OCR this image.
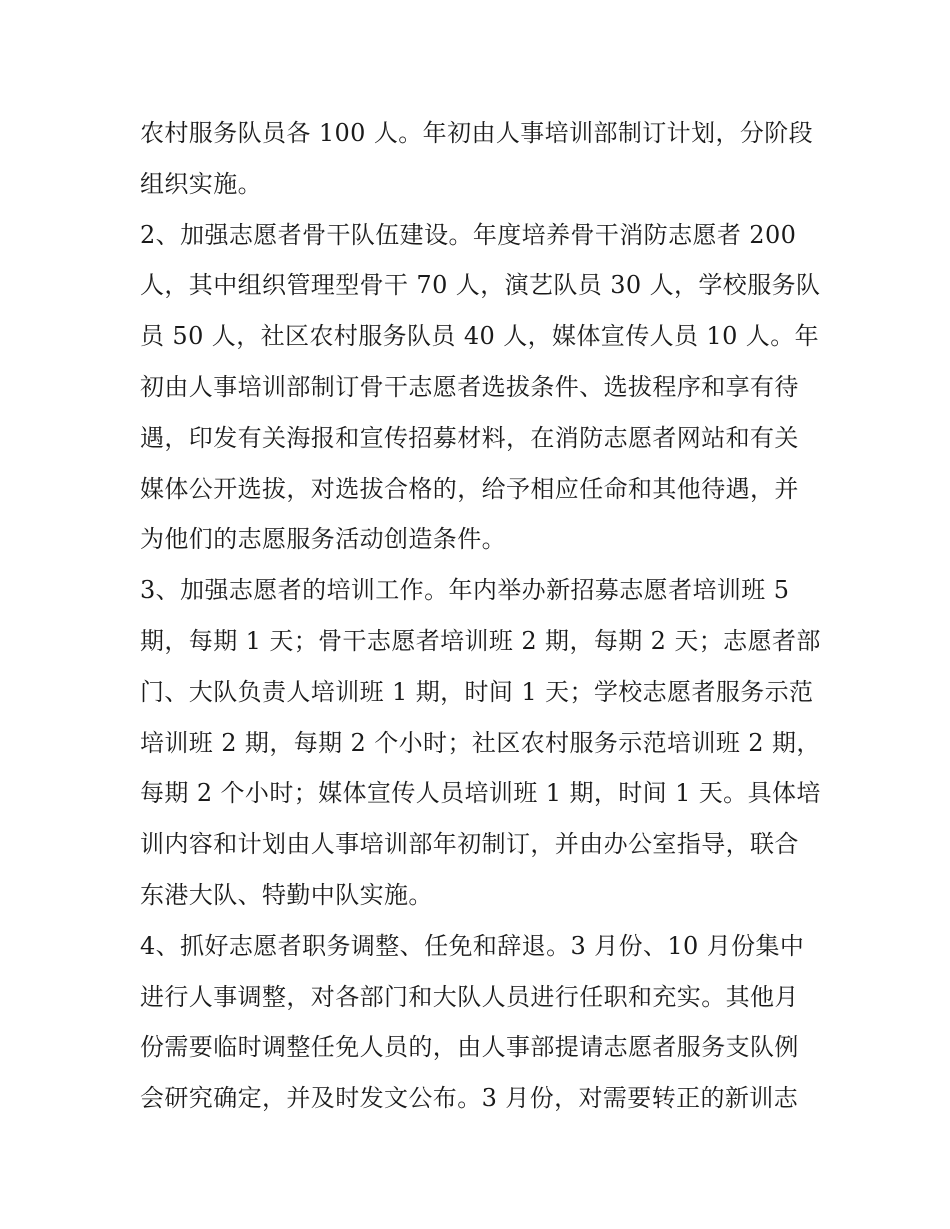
农村服务队员各 100 人。年初由人事培训部制订计划，分阶段
组织实施。
2、加强志愿者骨干队伍建设。年度培养骨干消防志愿者 200
人，其中组织管理型骨干 70 人，演艺队员 30 人，学校服务队
员 50 人，社区农村服务队员 40 人，媒体宣传人员 10 人。年
初由人事培训部制订骨干志愿者选拔条件、选拔程序和享有待
遇，印发有关海报和宣传招募材料，在消防志愿者网站和有关
媒体公开选拔，对选拔合格的，给予相应任命和其他待遇，并
为他们的志愿服务活动创造条件。
3、加强志愿者的培训工作。年内举办新招募志愿者培训班 5
期，每期 1 天；骨干志愿者培训班 2 期，每期 2 天；志愿者部
门、大队负责人培训班 1 期，时间 1 天；学校志愿者服务示范
培训班 2 期，每期 2 个小时；社区农村服务示范培训班 2 期，
每期 2 个小时；媒体宣传人员培训班 1 期，时间 1 天。具体培
训内容和计划由人事培训部年初制订，并由办公室指导，联合
东港大队、特勤中队实施。
4、抓好志愿者职务调整、任免和辞退。3 月份、10 月份集中
进行人事调整，对各部门和大队人员进行任职和充实。其他月
份需要临时调整任免人员的，由人事部提请志愿者服务支队例
会研究确定，并及时发文公布。3 月份，对需要转正的新训志
